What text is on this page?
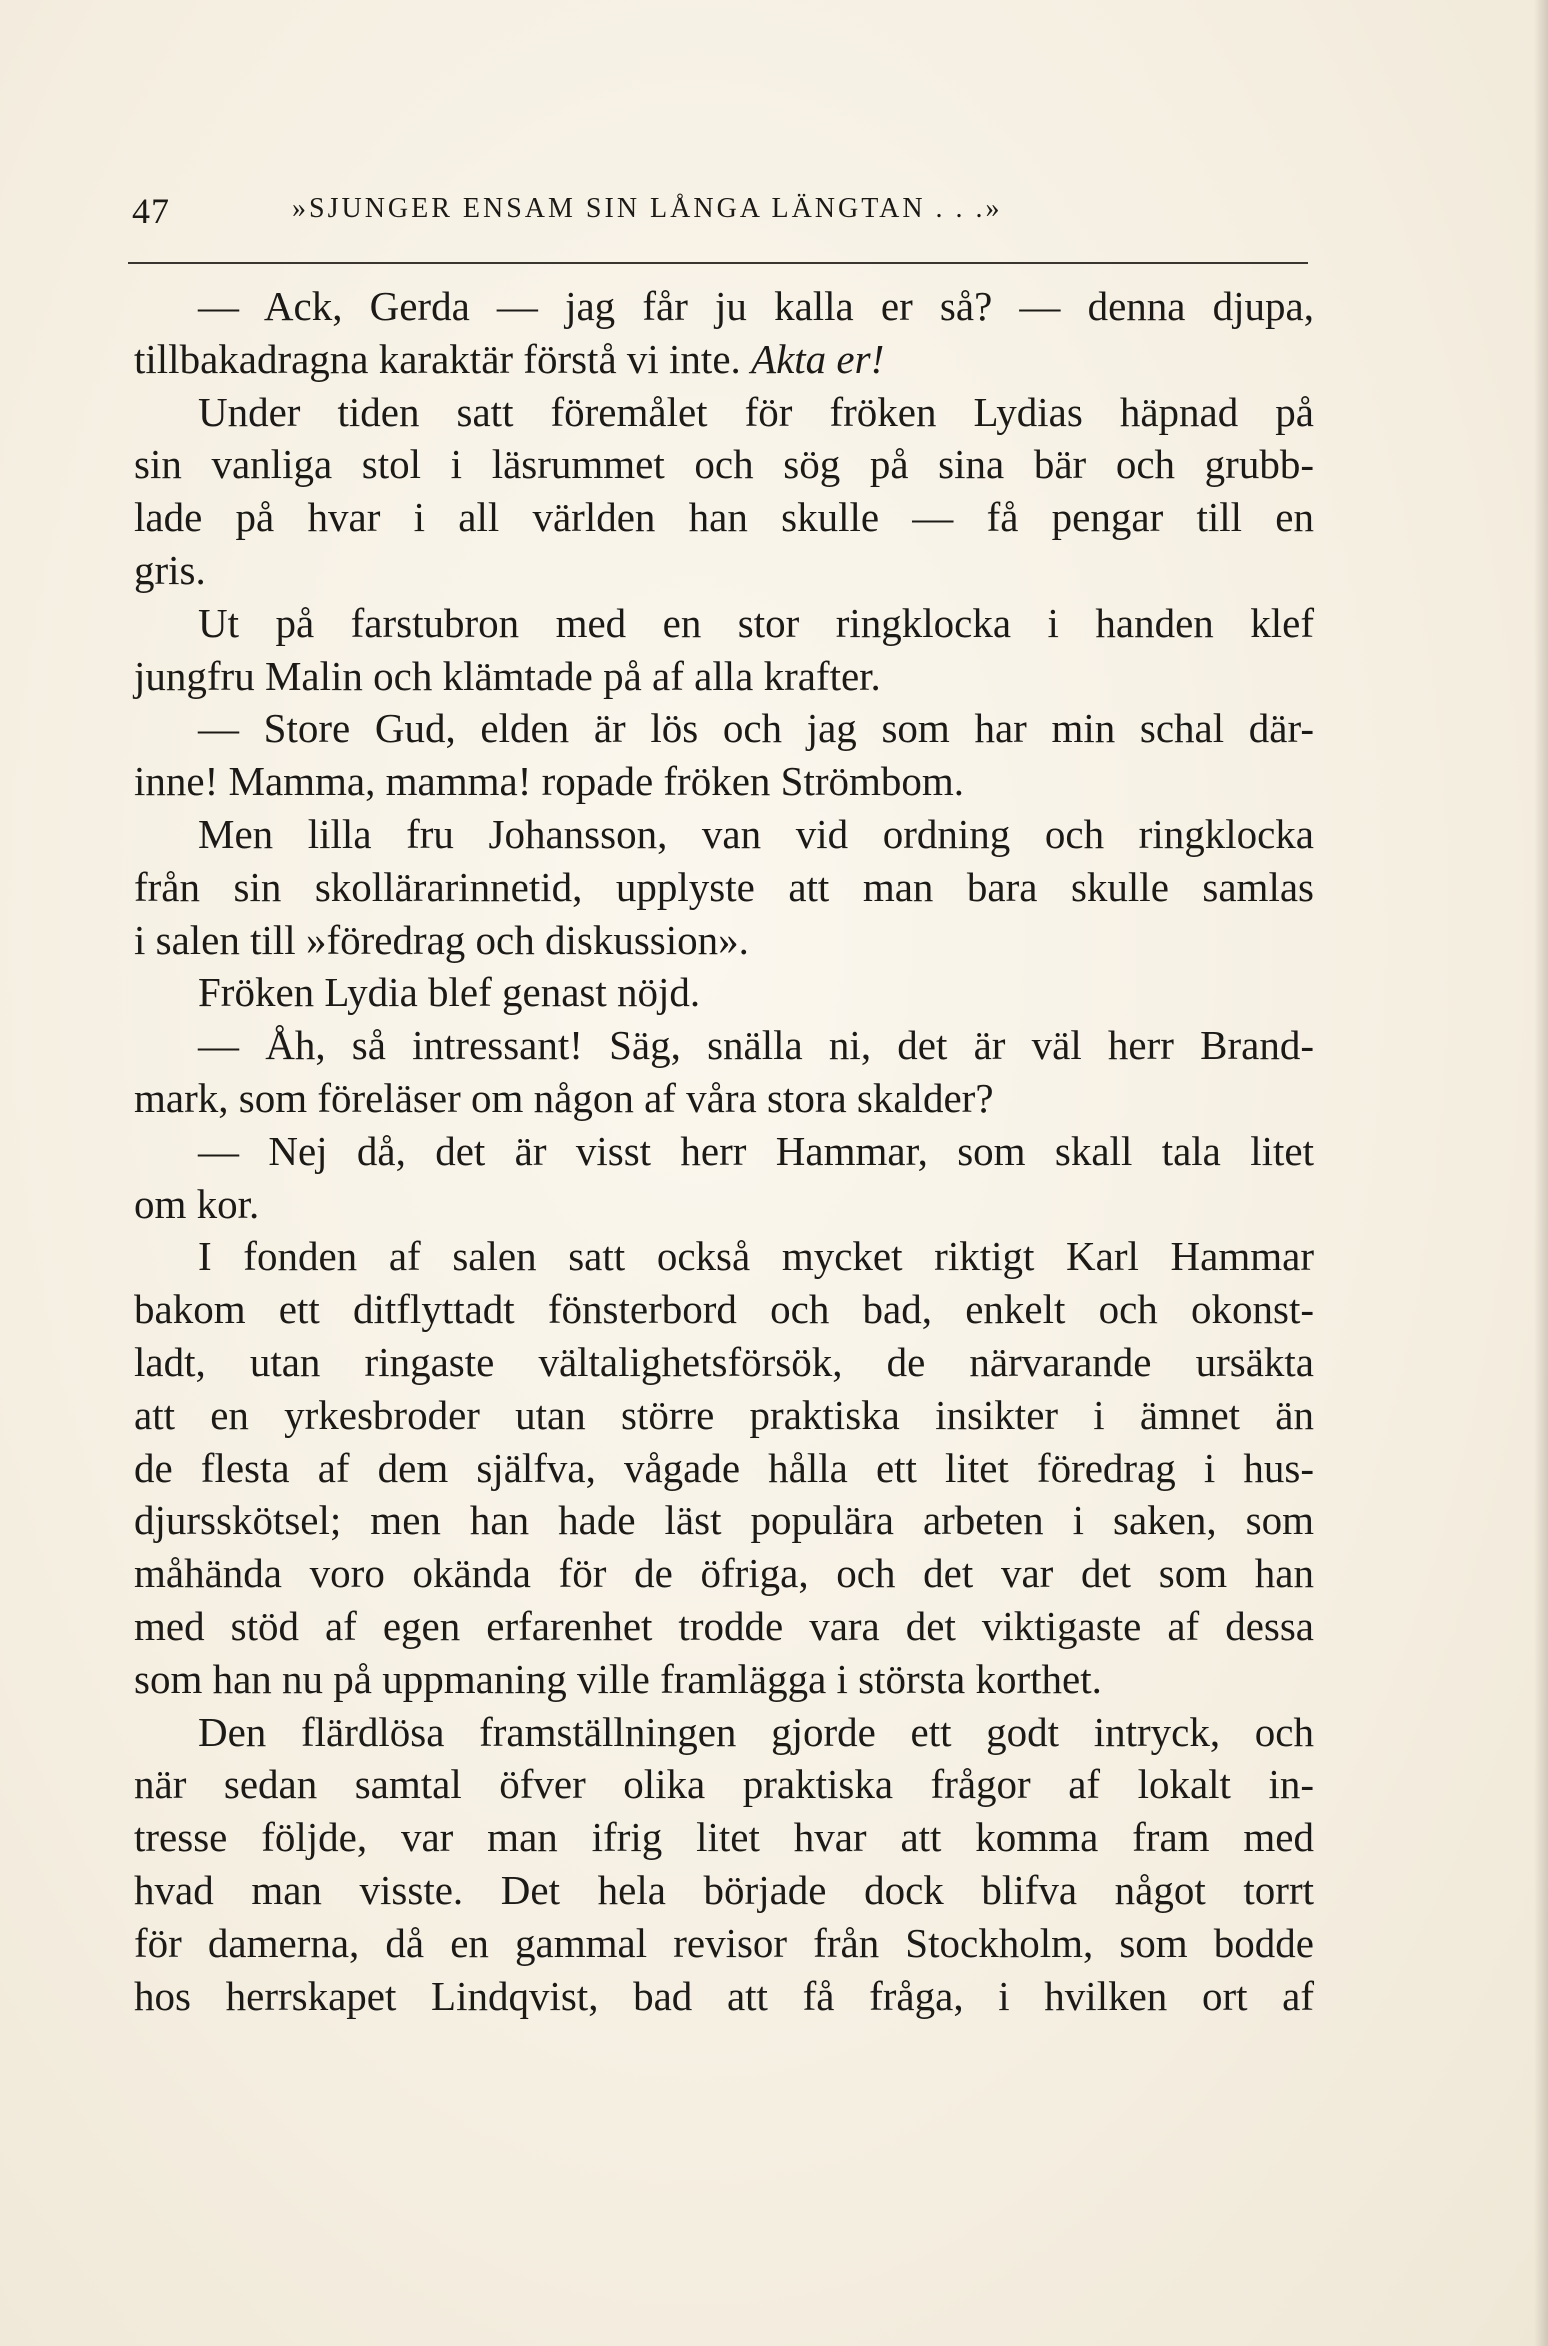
47	»SJUNGER ENSAM SIN LÅNGA LÄNGTAN . . .»
— Ack, Gerda — jag får ju kalla er så? — denna djupa,
tillbakadragna karaktär förstå vi inte. Akta er!
Under tiden satt föremålet för fröken Lydias häpnad på
sin vanliga stol i läsrummet och sög på sina bär och grubb-
lade på hvar i all världen han skulle — få pengar till en
gris.
Ut på farstubron med en stor ringklocka i handen klef
jungfru Malin och klämtade på af alla krafter.
— Store Gud, elden är lös och jag som har min schal där-
inne! Mamma, mamma! ropade fröken Strömbom.
Men lilla fru Johansson, van vid ordning och ringklocka
från sin skollärarinnetid, upplyste att man bara skulle samlas
i salen till »föredrag och diskussion».
Fröken Lydia blef genast nöjd.
— Åh, så intressant! Säg, snälla ni, det är väl herr Brand-
mark, som föreläser om någon af våra stora skalder?
— Nej då, det är visst herr Hammar, som skall tala litet
om kor.
I fonden af salen satt också mycket riktigt Karl Hammar
bakom ett ditflyttadt fönsterbord och bad, enkelt och okonst-
ladt, utan ringaste vältalighetsförsök, de närvarande ursäkta
att en yrkesbroder utan större praktiska insikter i ämnet än
de flesta af dem själfva, vågade hålla ett litet föredrag i hus-
djursskötsel; men han hade läst populära arbeten i saken, som
måhända voro okända för de öfriga, och det var det som han
med stöd af egen erfarenhet trodde vara det viktigaste af dessa
som han nu på uppmaning ville framlägga i största korthet.
Den flärdlösa framställningen gjorde ett godt intryck, och
när sedan samtal öfver olika praktiska frågor af lokalt in-
tresse följde, var man ifrig litet hvar att komma fram med
hvad man visste. Det hela började dock blifva något torrt
för damerna, då en gammal revisor från Stockholm, som bodde
hos herrskapet Lindqvist, bad att få fråga, i hvilken ort af
